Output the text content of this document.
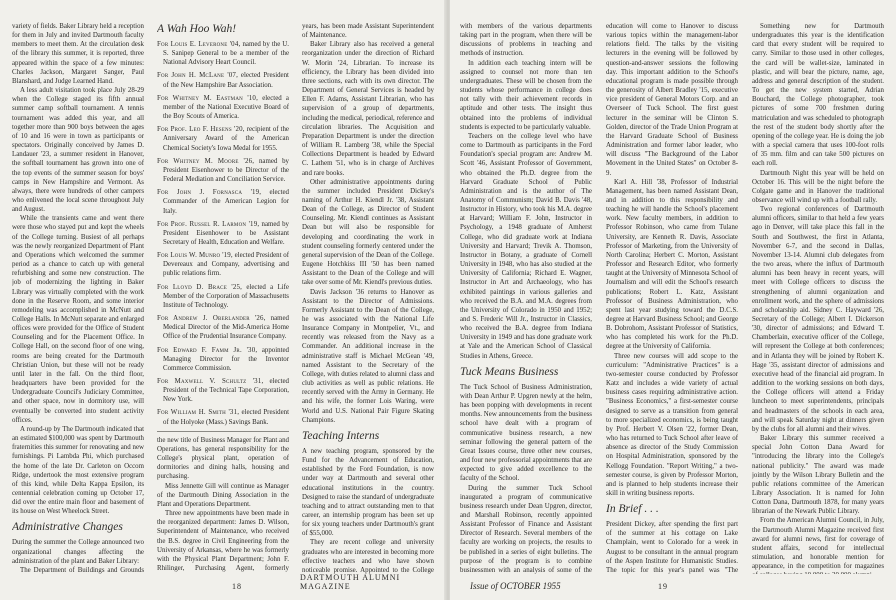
variety of fields. Baker Library held a reception for them in July and invited Dartmouth faculty members to meet them. At the circulation desk of the library this summer, it is reported, three appeared within the space of a few minutes: Charles Jackson, Margaret Sanger, Paul Blanshard, and Judge Learned Hand.

A less adult visitation took place July 28-29 when the College staged its fifth annual summer camp softball tournament. A tennis tournament was added this year, and all together more than 900 boys between the ages of 10 and 16 were in town as participants or spectators. Originally conceived by James D. Landauer '23, a summer resident in Hanover, the softball tournament has grown into one of the top events of the summer season for boys' camps in New Hampshire and Vermont. As always, there were hundreds of other campers who enlivened the local scene throughout July and August.

While the transients came and went there were those who stayed put and kept the wheels of the College turning. Busiest of all perhaps was the newly reorganized Department of Plant and Operations which welcomed the summer period as a chance to catch up with general refurbishing and some new construction. The job of modernizing the lighting in Baker Library was virtually completed with the work done in the Reserve Room, and some interior remodeling was accomplished in McNutt and College Halls. In McNutt separate and enlarged offices were provided for the Office of Student Counseling and for the Placement Office. In College Hall, on the second floor of one wing, rooms are being created for the Dartmouth Christian Union, but these will not be ready until later in the fall. On the third floor, headquarters have been provided for the Undergraduate Council's Judiciary Committee, and other space, now in dormitory use, will eventually be converted into student activity offices.

A round-up by The Dartmouth indicated that an estimated $100,000 was spent by Dartmouth fraternities this summer for renovating and new furnishings. Pi Lambda Phi, which purchased the home of the late Dr. Carleton on Occom Ridge, undertook the most extensive program of this kind, while Delta Kappa Epsilon, its centennial celebration coming up October 17, did over the entire main floor and basement of its house on West Wheelock Street.

Administrative Changes

During the summer the College announced two organizational changes affecting the administration of the plant and Baker Library:

The Department of Buildings and Grounds

A Wah Hoo Wah!

For Louis E. Leverone '04, named by the U. S. Sanipep General to be a member of the National Advisory Heart Council.

For John H. McLane '07, elected President of the New Hampshire Bar Association.

For Whitney M. Eastman '10, elected a member of the National Executive Board of the Boy Scouts of America.

For Prof. Leo F. Hesens '20, recipient of the Anniversary Award of the American Chemical Society's Iowa Medal for 1955.

For Whitney M. Moore '26, named by President Eisenhower to be Director of the Federal Mediation and Conciliation Service.

For John J. Fornasca '19, elected Commander of the American Legion for Italy.

For Prof. Russel R. Larmon '19, named by President Eisenhower to be Assistant Secretary of Health, Education and Welfare.

For Louis W. Munro '19, elected President of Devereaux and Company, advertising and public relations firm.

For Lloyd D. Brace '25, elected a Life Member of the Corporation of Massachusetts Institute of Technology.

For Andrew J. Oberlander '26, named Medical Director of the Mid-America Home Office of the Prudential Insurance Company.

For Edward F. Famm Jr. '30, appointed Managing Director for the Inventor Commerce Commission.

For Maxwell V. Schultz '31, elected President of the Technical Tape Corporation, New York.

For William H. Smith '31, elected President of the Holyoke (Mass.) Savings Bank.

the new title of Business Manager for Plant and Operations, has general responsibility for the College's physical plant, operation of dormitories and dining halls, housing and purchasing.

Miss Jennette Gill will continue as Manager of the Dartmouth Dining Association in the Plant and Operations Department.

Three new appointments have been made in the reorganized department: James D. Wilson, Superintendent of Maintenance, who received the B.S. degree in Civil Engineering from the University of Arkansas, where he was formerly with the Physical Plant Department; John F. Rhilinger, Purchasing Agent, formerly

years, has been made Assistant Superintendent of Maintenance.

Baker Library also has received a general reorganization under the direction of Richard W. Morin '24, Librarian. To increase its efficiency, the Library has been divided into three sections, each with its own director. The Department of General Services is headed by Ellen F. Adams, Assistant Librarian, who has supervision of a group of departments, including the medical, periodical, reference and circulation libraries. The Acquisition and Preparation Department is under the direction of William R. Lamberg '38, while the Special Collections Department is headed by Edward C. Lathem '51, who is in charge of Archives and rare books.

Other administrative appointments during the summer included President Dickey's naming of Arthur H. Kiendl Jr. '38, Assistant Dean of the College, as Director of Student Counseling. Mr. Kiendl continues as Assistant Dean but will also be responsible for developing and coordinating the work in student counseling formerly centered under the general supervision of the Dean of the College. Eugene Hotchkiss III '50 has been named Assistant to the Dean of the College and will take over some of Mr. Kiendl's previous duties.

Davis Jackson '36 returns to Hanover as Assistant to the Director of Admissions. Formerly Assistant to the Dean of the College, he was associated with the National Life Insurance Company in Montpelier, Vt., and recently was released from the Navy as a Commander. An additional increase in the administrative staff is Michael McGean '49, named Assistant to the Secretary of the College, with duties related to alumni class and club activities as well as public relations. He recently served with the Army in Germany. He and his wife, the former Lois Waring, were World and U.S. National Pair Figure Skating Champions.

Teaching Interns

A new teaching program, sponsored by the Fund for the Advancement of Education, established by the Ford Foundation, is now under way at Dartmouth and several other educational institutions in the country. Designed to raise the standard of undergraduate teaching and to attract outstanding men to that career, an internship program has been set up for six young teachers under Dartmouth's grant of $55,000.

They are recent college and university graduates who are interested in becoming more effective teachers and who have shown noticeable promise. Appointed to the College

18
DARTMOUTH ALUMNI MAGAZINE

with members of the various departments taking part in the program, when there will be discussions of problems in teaching and methods of instruction.

In addition each teaching intern will be assigned to counsel not more than ten undergraduates. These will be chosen from the students whose performance in college does not tally with their achievement records in aptitude and other tests. The insight thus obtained into the problems of individual students is expected to be particularly valuable.

Teachers on the college level who have come to Dartmouth as participants in the Ford Foundation's special program are: Andrew M. Scott '46, Assistant Professor of Government, who obtained the Ph.D. degree from the Harvard Graduate School of Public Administration and is the author of The Anatomy of Communism; David B. Davis '48, Instructor in History, who took his M.A. degree at Harvard; William F. John, Instructor in Psychology, a 1948 graduate of Amherst College, who did graduate work at Indiana University and Harvard; Trevik A. Thomson, Instructor in Botany, a graduate of Cornell University in 1948, who has also studied at the University of California; Richard E. Wagner, Instructor in Art and Archaeology, who has exhibited paintings in various galleries and who received the B.A. and M.A. degrees from the University of Colorado in 1950 and 1952; and S. Frederic Will Jr., Instructor in Classics, who received the B.A. degree from Indiana University in 1949 and has done graduate work at Yale and the American School of Classical Studies in Athens, Greece.

Tuck Means Business

The Tuck School of Business Administration, with Dean Arthur P. Upgren newly at the helm, has been popping with developments in recent months. New announcements from the business school have dealt with a program of communicative business research, a new seminar following the general pattern of the Great Issues course, three other new courses, and four new professorial appointments that are expected to give added excellence to the faculty of the School.

During the summer Tuck School inaugurated a program of communicative business research under Dean Upgren, director, and Marshall Robinson, recently appointed Assistant Professor of Finance and Assistant Director of Research. Several members of the faculty are working on projects, the results to be published in a series of eight bulletins. The purpose of the program is to combine businessmen with an analysis of some of the

education will come to Hanover to discuss various topics within the management-labor relations field. The talks by the visiting lecturers in the evening will be followed by question-and-answer sessions the following day. This important addition to the School's educational program is made possible through the generosity of Albert Bradley '15, executive vice president of General Motors Corp. and an Overseer of Tuck School. The first guest lecturer in the seminar will be Clinton S. Golden, director of the Trade Union Program at the Harvard Graduate School of Business Administration and former labor leader, who will discuss "The Background of the Labor Movement in the United States" on October 8-9.

Karl A. Hill '38, Professor of Industrial Management, has been named Assistant Dean, and in addition to this responsibility and teaching he will handle the School's placement work. New faculty members, in addition to Professor Robinson, who came from Tulane University, are Kenneth R. Davis, Associate Professor of Marketing, from the University of North Carolina; Herbert C. Morton, Assistant Professor and Research Editor, who formerly taught at the University of Minnesota School of Journalism and will edit the School's research publications; Robert L. Katz, Assistant Professor of Business Administration, who spent last year studying toward the D.C.S. degree at Harvard Business School; and George B. Dobrohom, Assistant Professor of Statistics, who has completed his work for the Ph.D. degree at the University of California.

Three new courses will add scope to the curriculum: "Administrative Practices" is a two-semester course conducted by Professor Katz and includes a wide variety of actual business cases requiring administrative action. "Business Economics," a first-semester course designed to serve as a transition from general to more specialized economics, is being taught by Prof. Herbert V. Olsen '22, former Dean, who has returned to Tuck School after leave of absence as director of the Study Commission on Hospital Administration, sponsored by the Kellogg Foundation. "Report Writing," a two-semester course, is given by Professor Morton, and is planned to help students increase their skill in writing business reports.

In Brief . . .

President Dickey, after spending the first part of the summer at his cottage on Lake Champlain, went to Colorado for a week in August to be consultant in the annual program of the Aspen Institute for Humanistic Studies. The topic for this year's panel was "The

Something new for Dartmouth undergraduates this year is the identification card that every student will be required to carry. Similar to those used in other colleges, the card will be wallet-size, laminated in plastic, and will bear the picture, name, age, address and general description of the student. To get the new system started, Adrian Bouchard, the College photographer, took pictures of some 700 freshmen during matriculation and was scheduled to photograph the rest of the student body shortly after the opening of the college year. He is doing the job with a special camera that uses 100-foot rolls of 35 mm. film and can take 500 pictures on each roll.

Dartmouth Night this year will be held on October 16. This will be the night before the Colgate game and in Hanover the traditional observance will wind up with a football rally.

Two regional conferences of Dartmouth alumni officers, similar to that held a few years ago in Denver, will take place this fall in the South and Southwest, the first in Atlanta, November 6-7, and the second in Dallas, November 13-14. Alumni club delegates from the two areas, where the influx of Dartmouth alumni has been heavy in recent years, will meet with College officers to discuss the strengthening of alumni organization and enrollment work, and the sphere of admissions and scholarship aid. Sidney C. Hayward '26, Secretary of the College; Albert I. Dickerson '30, director of admissions; and Edward T. Chamberlain, executive officer of the College, will represent the College at both conferences; and in Atlanta they will be joined by Robert K. Hage '35, assistant director of admissions and executive head of the financial aid program. In addition to the working sessions on both days, the College officers will attend a Friday luncheon to meet superintendents, principals and headmasters of the schools in each area, and will speak Saturday night at dinners given by the clubs for all alumni and their wives.

Baker Library this summer received a special John Cotton Dana Award for "introducing the library into the College's national publicity." The award was made jointly by the Wilson Library Bulletin and the public relations committee of the American Library Association. It is named for John Cotton Dana, Dartmouth 1878, for many years librarian of the Newark Public Library.

From the American Alumni Council, in July, the Dartmouth Alumni Magazine received first award for alumni news, first for coverage of student affairs, second for intellectual stimulation, and honorable mention for appearance, in the competition for magazines

Issue of OCTOBER 1955	19
